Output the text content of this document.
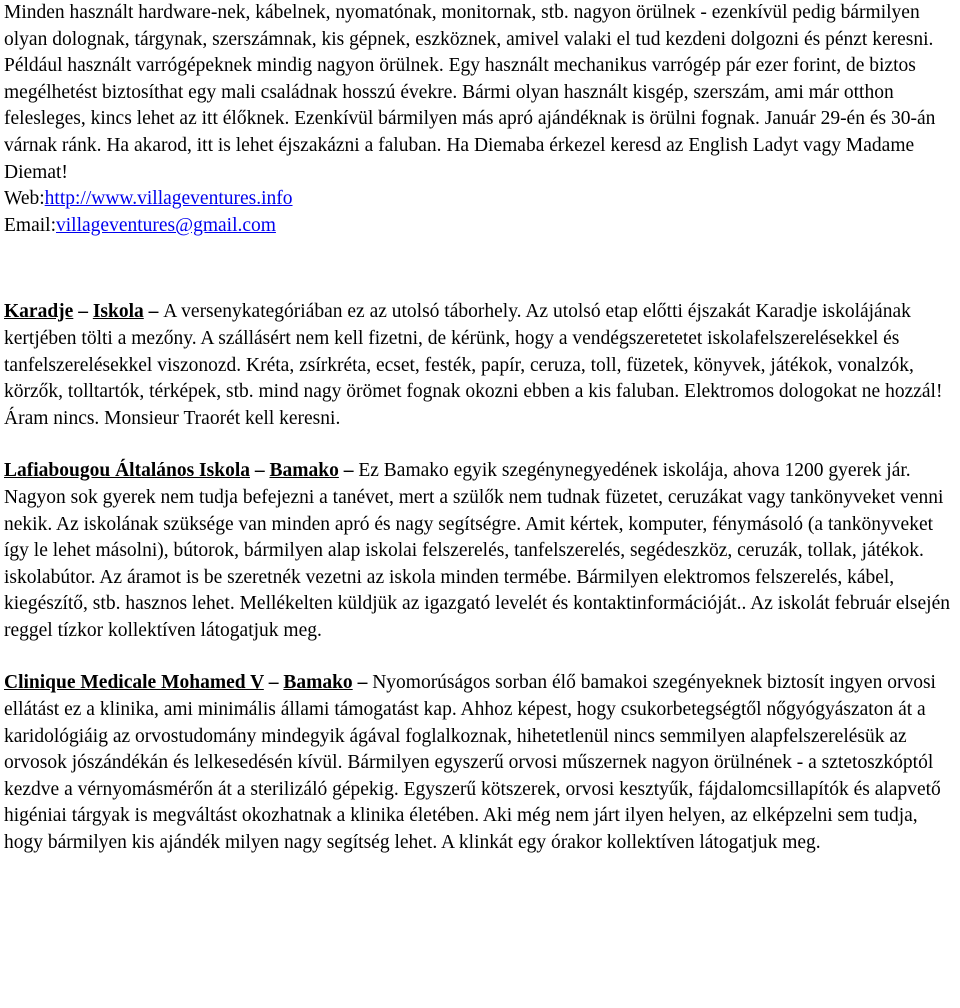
Minden használt hardware-nek, kábelnek, nyomatónak, monitornak, stb. nagyon örülnek - ezenkívül pedig bármilyen olyan dolognak, tárgynak, szerszámnak, kis gépnek, eszköznek, amivel valaki el tud kezdeni dolgozni és pénzt keresni. Például használt varrógépeknek mindig nagyon örülnek. Egy használt mechanikus varrógép pár ezer forint, de biztos megélhetést biztosíthat egy mali családnak hosszú évekre. Bármi olyan használt kisgép, szerszám, ami már otthon felesleges, kincs lehet az itt élőknek. Ezenkívül bármilyen más apró ajándéknak is örülni fognak. Január 29-én és 30-án várnak ránk. Ha akarod, itt is lehet éjszakázni a faluban. Ha Diemaba érkezel keresd az English Ladyt vagy Madame Diemat!
Web:http://www.villageventures.info
Email:villageventures@gmail.com
Karadje – Iskola – A versenykategóriában ez az utolsó táborhely. Az utolsó etap előtti éjszakát Karadje iskolájának kertjében tölti a mezőny. A szállásért nem kell fizetni, de kérünk, hogy a vendégszeretetet iskolafelszerelésekkel és tanfelszerelésekkel viszonozd. Kréta, zsírkréta, ecset, festék, papír, ceruza, toll, füzetek, könyvek, játékok, vonalzók, körzők, tolltartók, térképek, stb. mind nagy örömet fognak okozni ebben a kis faluban. Elektromos dologokat ne hozzál! Áram nincs. Monsieur Traorét kell keresni.
Lafiabougou Általános Iskola – Bamako – Ez Bamako egyik szegénynegyedének iskolája, ahova 1200 gyerek jár. Nagyon sok gyerek nem tudja befejezni a tanévet, mert a szülők nem tudnak füzetet, ceruzákat vagy tankönyveket venni nekik. Az iskolának szüksége van minden apró és nagy segítségre. Amit kértek, komputer, fénymásoló (a tankönyveket így le lehet másolni), bútorok, bármilyen alap iskolai felszerelés, tanfelszerelés, segédeszköz, ceruzák, tollak, játékok. iskolabútor. Az áramot is be szeretnék vezetni az iskola minden termébe. Bármilyen elektromos felszerelés, kábel, kiegészítő, stb. hasznos lehet. Mellékelten küldjük az igazgató levelét és kontaktinformációját.. Az iskolát február elsején reggel tízkor kollektíven látogatjuk meg.
Clinique Medicale Mohamed V – Bamako – Nyomorúságos sorban élő bamakoi szegényeknek biztosít ingyen orvosi ellátást ez a klinika, ami minimális állami támogatást kap. Ahhoz képest, hogy csukorbetegségtől nőgyógyászaton át a karidológiáig az orvostudomány mindegyik ágával foglalkoznak, hihetetlenül nincs semmilyen alapfelszerelésük az orvosok jószándékán és lelkesedésén kívül. Bármilyen egyszerű orvosi műszernek nagyon örülnének - a sztetoszkóptól kezdve a vérnyomásmérőn át a sterilizáló gépekig. Egyszerű kötszerek, orvosi kesztyűk, fájdalomcsillapítók és alapvető higéniai tárgyak is megváltást okozhatnak a klinika életében. Aki még nem járt ilyen helyen, az elképzelni sem tudja, hogy bármilyen kis ajándék milyen nagy segítség lehet. A klinkát egy órakor kollektíven látogatjuk meg.
